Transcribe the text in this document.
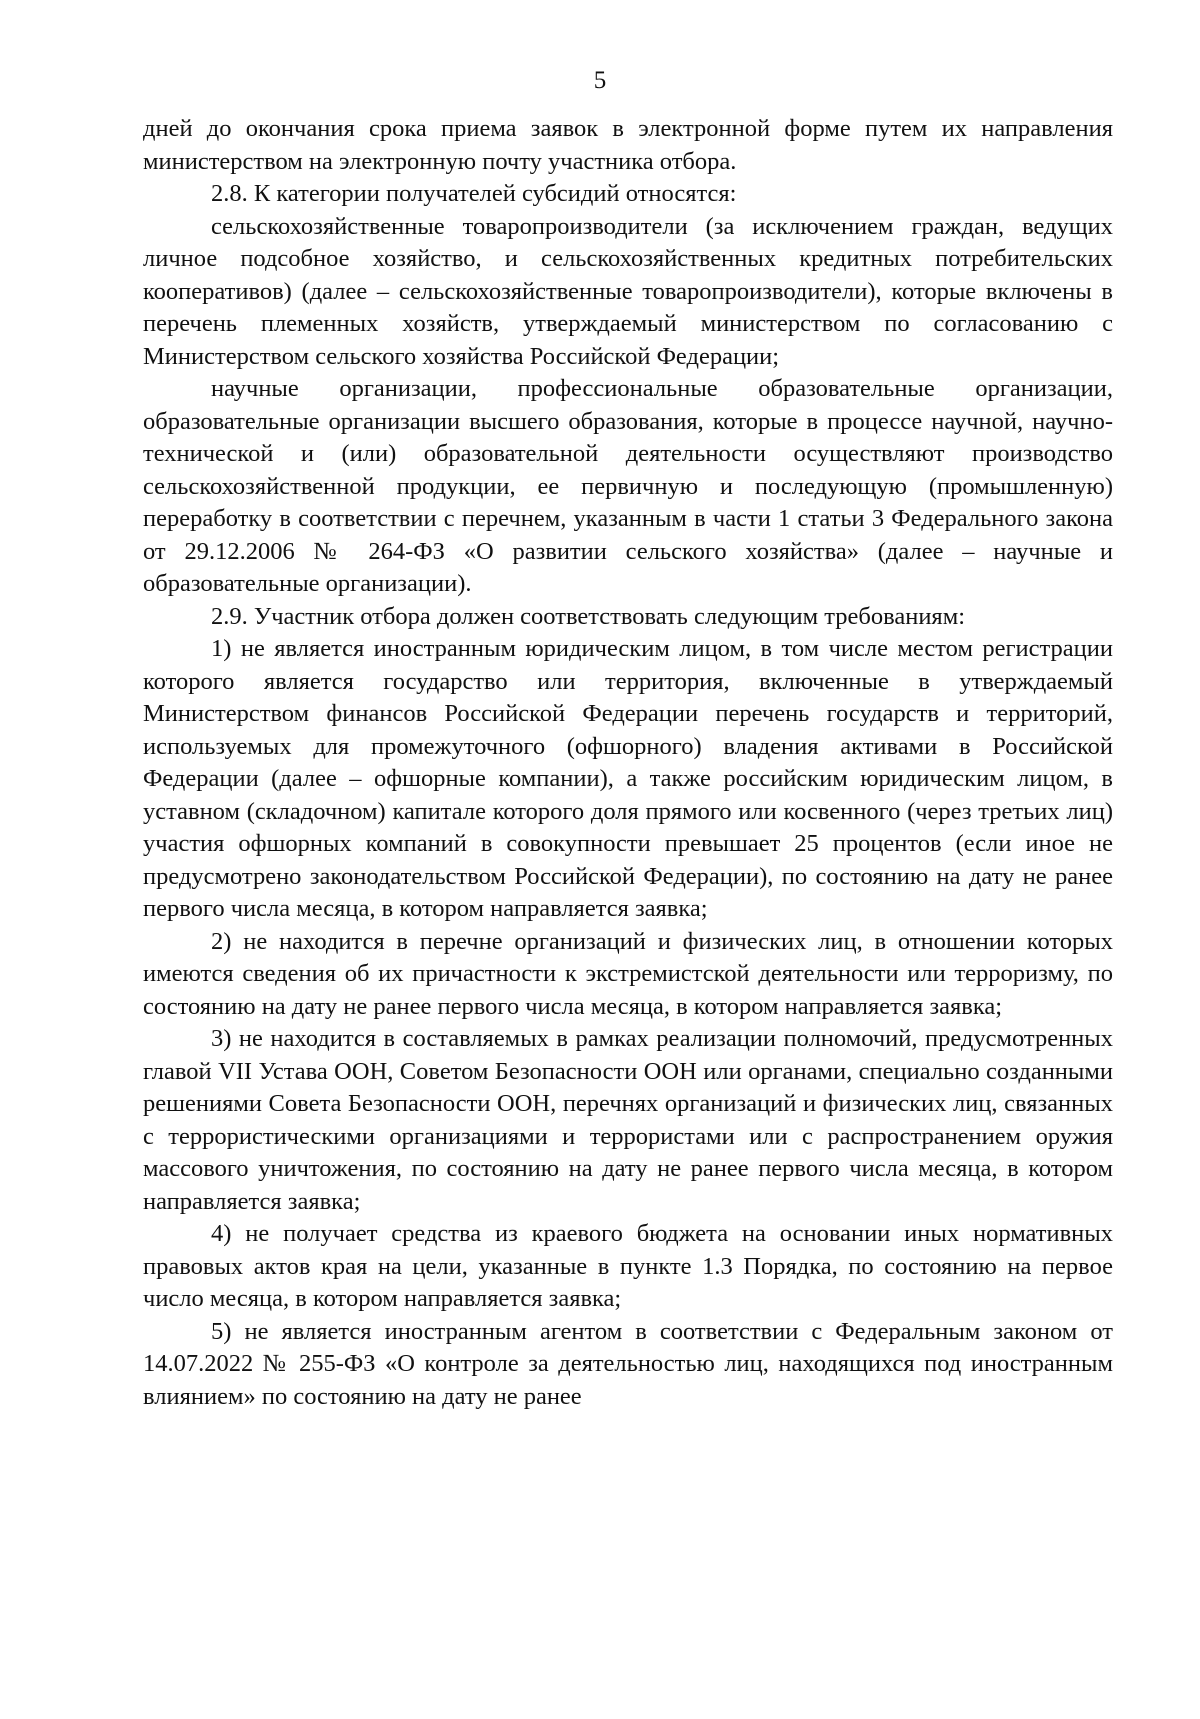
5

дней до окончания срока приема заявок в электронной форме путем их направления министерством на электронную почту участника отбора.

2.8. К категории получателей субсидий относятся:

сельскохозяйственные товаропроизводители (за исключением граждан, ведущих личное подсобное хозяйство, и сельскохозяйственных кредитных потребительских кооперативов) (далее – сельскохозяйственные товаропроизводители), которые включены в перечень племенных хозяйств, утверждаемый министерством по согласованию с Министерством сельского хозяйства Российской Федерации;

научные организации, профессиональные образовательные организации, образовательные организации высшего образования, которые в процессе научной, научно-технической и (или) образовательной деятельности осуществляют производство сельскохозяйственной продукции, ее первичную и последующую (промышленную) переработку в соответствии с перечнем, указанным в части 1 статьи 3 Федерального закона от 29.12.2006 № 264-ФЗ «О развитии сельского хозяйства» (далее – научные и образовательные организации).

2.9. Участник отбора должен соответствовать следующим требованиям:

1) не является иностранным юридическим лицом, в том числе местом регистрации которого является государство или территория, включенные в утверждаемый Министерством финансов Российской Федерации перечень государств и территорий, используемых для промежуточного (офшорного) владения активами в Российской Федерации (далее – офшорные компании), а также российским юридическим лицом, в уставном (складочном) капитале которого доля прямого или косвенного (через третьих лиц) участия офшорных компаний в совокупности превышает 25 процентов (если иное не предусмотрено законодательством Российской Федерации), по состоянию на дату не ранее первого числа месяца, в котором направляется заявка;

2) не находится в перечне организаций и физических лиц, в отношении которых имеются сведения об их причастности к экстремистской деятельности или терроризму, по состоянию на дату не ранее первого числа месяца, в котором направляется заявка;

3) не находится в составляемых в рамках реализации полномочий, предусмотренных главой VII Устава ООН, Советом Безопасности ООН или органами, специально созданными решениями Совета Безопасности ООН, перечнях организаций и физических лиц, связанных с террористическими организациями и террористами или с распространением оружия массового уничтожения, по состоянию на дату не ранее первого числа месяца, в котором направляется заявка;

4) не получает средства из краевого бюджета на основании иных нормативных правовых актов края на цели, указанные в пункте 1.3 Порядка, по состоянию на первое число месяца, в котором направляется заявка;

5) не является иностранным агентом в соответствии с Федеральным законом от 14.07.2022 № 255-ФЗ «О контроле за деятельностью лиц, находящихся под иностранным влиянием» по состоянию на дату не ранее
